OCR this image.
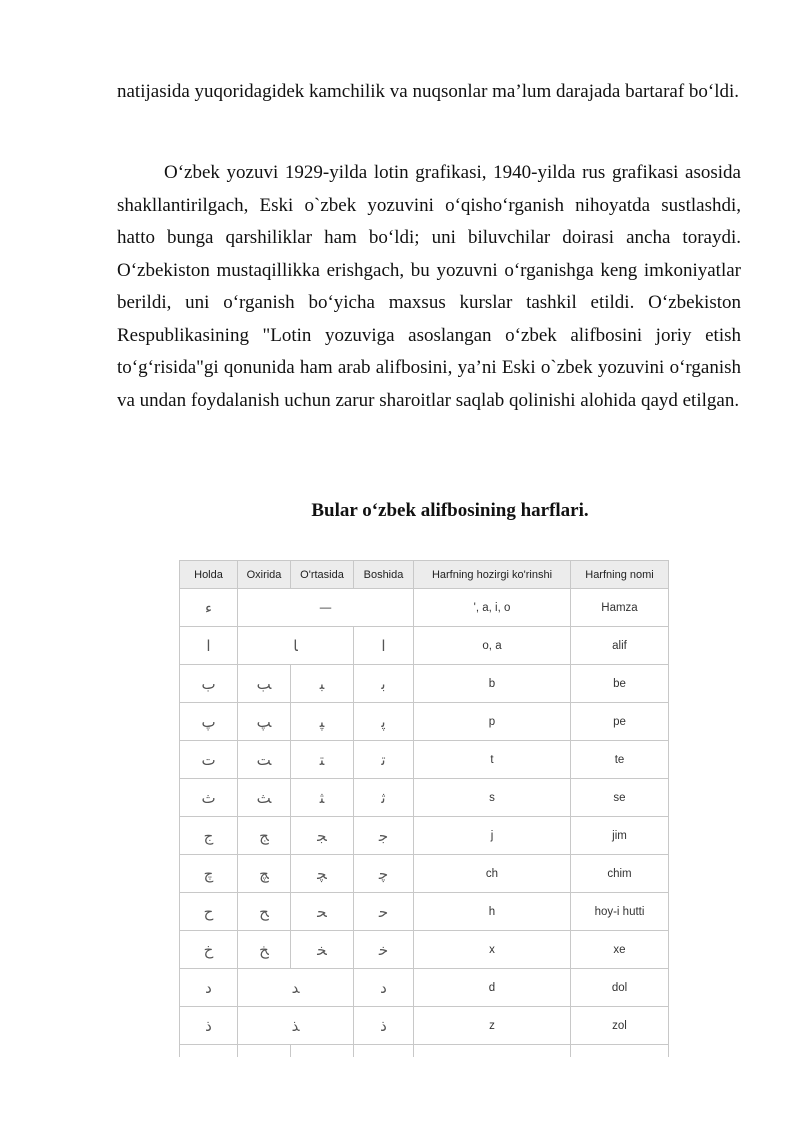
natijasida yuqoridagidek kamchilik va nuqsonlar ma’lum darajada bartaraf bo‘ldi.

O‘zbek yozuvi 1929-yilda lotin grafikasi, 1940-yilda rus grafikasi asosida shakllantirilgach, Eski o`zbek yozuvini o‘qisho‘rganish nihoyatda sustlashdi, hatto bunga qarshiliklar ham bo‘ldi; uni biluvchilar doirasi ancha toraydi. O‘zbekiston mustaqillikka erishgach, bu yozuvni o‘rganishga keng imkoniyatlar berildi, uni o‘rganish bo‘yicha maxsus kurslar tashkil etildi. O‘zbekiston Respublikasining "Lotin yozuviga asoslangan o‘zbek alifbosini joriy etish to‘g‘risida"gi qonunida ham arab alifbosini, ya’ni Eski o`zbek yozuvini o‘rganish va undan foydalanish uchun zarur sharoitlar saqlab qolinishi alohida qayd etilgan.

Bular o‘zbek alifbosining harflari.

Holda	Oxirida	O'rtasida	Boshida	Harfning hozirgi ko'rinshi	Harfning nomi
ء	—			', a, i, o	Hamza
ا	ﺎ		ا	o, a	alif
ب	ﺐ	ﺒ	ﺑ	b	be
پ	ﭗ	ﭙ	ﭘ	p	pe
ت	ﺖ	ﺘ	ﺗ	t	te
ث	ﺚ	ﺜ	ﺛ	s	se
ج	ﺞ	ﺠ	ﺟ	j	jim
چ	ﭻ	ﭽ	ﭼ	ch	chim
ح	ﺢ	ﺤ	ﺣ	h	hoy-i hutti
خ	ﺦ	ﺨ	ﺧ	x	xe
د	ﺪ		د	d	dol
ذ	ﺬ		ذ	z	zol
